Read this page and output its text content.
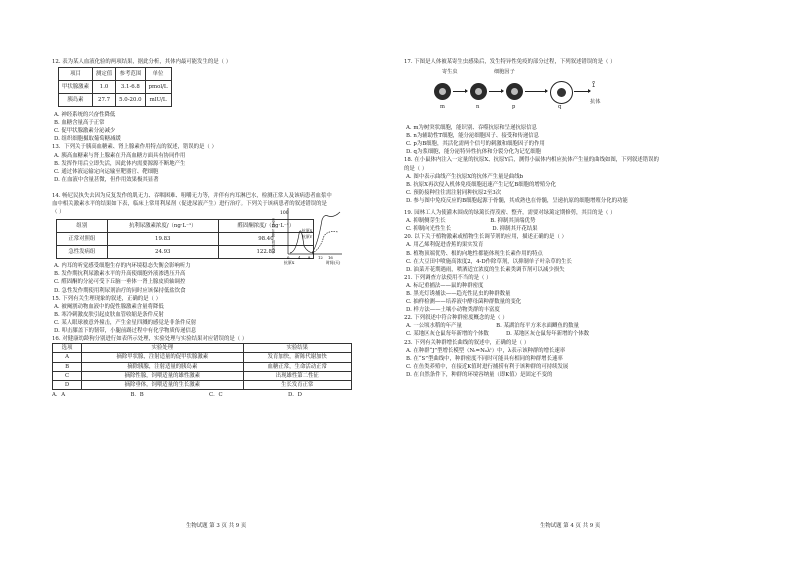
12. 表为某人血液化验的两项结果，据此分析，其体内最可能发生的是（ ）
项目	测定值	参考范围	单位
甲状腺激素	1.0	3.1-6.8	pmol/L
胰岛素	27.7	5.0-20.0	mlU/L
A. 神经系统的兴奋性降低
B. 血糖含量高于正常
C. 促甲状腺激素分泌减少
D. 组织细胞摄取葡萄糖减缓
13．下列关于胰高血糖素、肾上腺素作用特点的叙述，错误的是（ ）
A. 胰高血糖素与肾上腺素在升高血糖方面具有协同作用
B. 发挥作用后立即失活，因此体内需要源源不断地产生
C. 通过体液运输定向运输至靶器官、靶细胞
D. 在血液中含量甚微，但作用效果极其显著
14. 畅尼民执失去因为反复发作的肌无力、吞咽困难、咀嚼无力等，并伴有内耳淋巴水，检测正常人及该病患者血浆中
血中相关激素水平的结果如下表，临床上常用利尿剂（促进尿液产生）进行治疗。下列关于该病患者的叙述错误的是
（ ）
组别	抗利尿激素浓度/（ng·L⁻¹）	醛固酮浓度/（ng·L⁻¹）
正常对照组	19.83	98.40
急性发病组	24.93	122.82
A. 内耳的听觉感受细胞生存的内环境稳态失衡会影响听力
B. 发作期抗利尿激素水平的升高使细胞外液渗透压升高
C. 醛固酮的分泌可受下丘脑一垂体一肾上腺皮质轴调控
D. 急性发作期使用利尿剂治疗的同时应该保持低盐饮食
15. 下列有关生理现象的叙述，正确的是（ ）
A. 被阉割动物血液中的促性腺激素含量将降低
B. 寒冷刺激皮肤引起皮肤血管收缩是条件反射
C. 某人眼球被意外撞击，产生金星四溅的感觉是非条件反射
D. 叩击膝盖下的韧带，小腿前踢过程中有化学物质传递信息
16. 对健康幼龄狗分别进行如表所示处理，实验处理与实验结果对应错误的是（ ）
选项	实验处理	实验结果
A	摘除甲状腺，注射适量的促甲状腺激素	发育加快，新陈代谢加快
B	摘除胰腺，注射适量的胰岛素	血糖正常，生命活动正常
C	摘除性腺，饲喂适量的雄性激素	出现雄性第二性征
D	摘除垂体，饲喂适量的生长激素	生长发育正常
A．A	B．B	C．C	D．D
生物试题 第 3 页 共 9 页
17. 下图是人体被某寄生虫感染后，发生特异性免疫的部分过程，下列叙述错误的是（ ）
寄生虫	细胞因子
⟟
m	n	p	q
抗体
A. m为树突状细胞，能识别、吞噬抗原和呈递抗原信息
B. n为辅助性T细胞，能分泌细胞因子、接受和传递信息
C. p为B细胞，其活化需两个信号的刺激和细胞因子的作用
D. q为浆细胞，能分泌特异性抗体和分裂分化为记忆细胞
18. 在小鼠体内注入一定量的抗原X、抗原Y后，测得小鼠体内相应抗体产生量的曲线如图，下列叙述错误的
的是（ ）
A. 图中表示曲线产生抗原X的抗体产生量是曲线b
B. 抗原X再次侵入机体免疫细胞迅速产生记忆B细胞的增殖分化
C. 预防接种往往需注射同种抗原2至3次
D. 参与图中免疫反应的B细胞起源于骨髓，其成熟也在骨髓，呈递抗原的细胞增殖分化的功能
19. 园林工人为使灌木围成的绿篱长得茂密、整齐，需要对绿篱定期修剪，其目的是（ ）
A. 抑制侧芽生长                          B. 抑制其顶端优势
C. 抑制向光性生长                        D. 抑制其开花结果
20. 以下关于植物激素或植物生长调节剂的应用，描述正确的是（ ）
A. 用乙烯利促进香蕉的果实发育
B. 植物顶端优势、根的向地性都能体现生长素作用的特点
C. 在大豆田中喷施高浓度2，4-D作除草剂，以抑制单子叶杂草的生长
D. 油菜开花期遇雨，喷洒适宜浓度的生长素类调节剂可以减少损失
21. 下列调查方法使用不当的是（ ）
A. 标记重捕法——鼠的种群密度
B. 黑光灯诱捕法——趋光性昆虫的种群数量
C. 抽样检测——培养液中酵母菌种群数量的变化
D. 样方法——土壤小动物类群的丰富度
22. 下列叙述中符合种群密度概念的是（ ）
A. 一公顷水稻的年产量                    B. 某湖泊每平方米水面鲫鱼的数量
C. 某地区灰仓鼠每年新增的个体数          D. 某地区灰仓鼠每年新增的个体数
23. 下列有关种群增长曲线的叙述中，正确的是（ ）
A. 在种群“J”型增长模型（Nₜ=N₀λᵗ）中，λ表示该种群的增长速率
B. 在“S”型曲线中，种群密度不同时可能具有相同的种群增长速率
C. 在鱼类养殖中，在接近K值时进行捕捞有利于该种群的可持续发展
D. 在自然条件下，种群的环境容纳量（即K值）是固定不变的
100
抗体产生量（相对值）	抗原X
抗原Y
0 4 8 12 16
时间(天)
抗原X
生物试题 第 4 页 共 9 页
